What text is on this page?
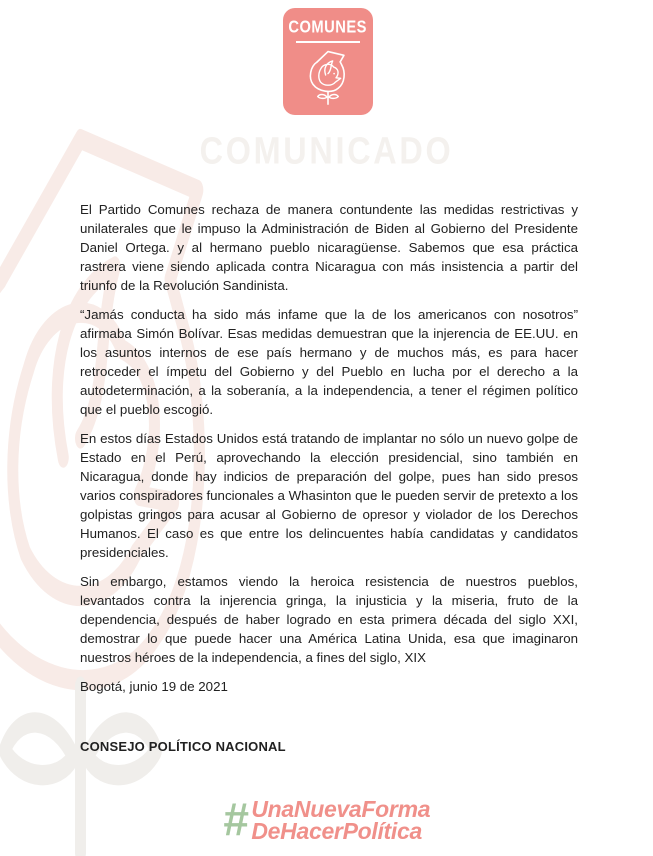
COMUNES
COMUNICADO

El Partido Comunes rechaza de manera contundente las medidas restrictivas y unilaterales que le impuso la Administración de Biden al Gobierno del Presidente Daniel Ortega. y al hermano pueblo nicaragüense. Sabemos que esa práctica rastrera viene siendo aplicada contra Nicaragua con más insistencia a partir del triunfo de la Revolución Sandinista.

“Jamás conducta ha sido más infame que la de los americanos con nosotros” afirmaba Simón Bolívar. Esas medidas demuestran que la injerencia de EE.UU. en los asuntos internos de ese país hermano y de muchos más, es para hacer retroceder el ímpetu del Gobierno y del Pueblo en lucha por el derecho a la autodeterminación, a la soberanía, a la independencia, a tener el régimen político que el pueblo escogió.

En estos días Estados Unidos está tratando de implantar no sólo un nuevo golpe de Estado en el Perú, aprovechando la elección presidencial, sino también en Nicaragua, donde hay indicios de preparación del golpe, pues han sido presos varios conspiradores funcionales a Whasinton que le pueden servir de pretexto a los golpistas gringos para acusar al Gobierno de opresor y violador de los Derechos Humanos. El caso es que entre los delincuentes había candidatas y candidatos presidenciales.

Sin embargo, estamos viendo la heroica resistencia de nuestros pueblos, levantados contra la injerencia gringa, la injusticia y la miseria, fruto de la dependencia, después de haber logrado en esta primera década del siglo XXI, demostrar lo que puede hacer una América Latina Unida, esa que imaginaron nuestros héroes de la independencia, a fines del siglo, XIX

Bogotá, junio 19 de 2021

CONSEJO POLÍTICO NACIONAL

# UnaNuevaForma
DeHacerPolítica
